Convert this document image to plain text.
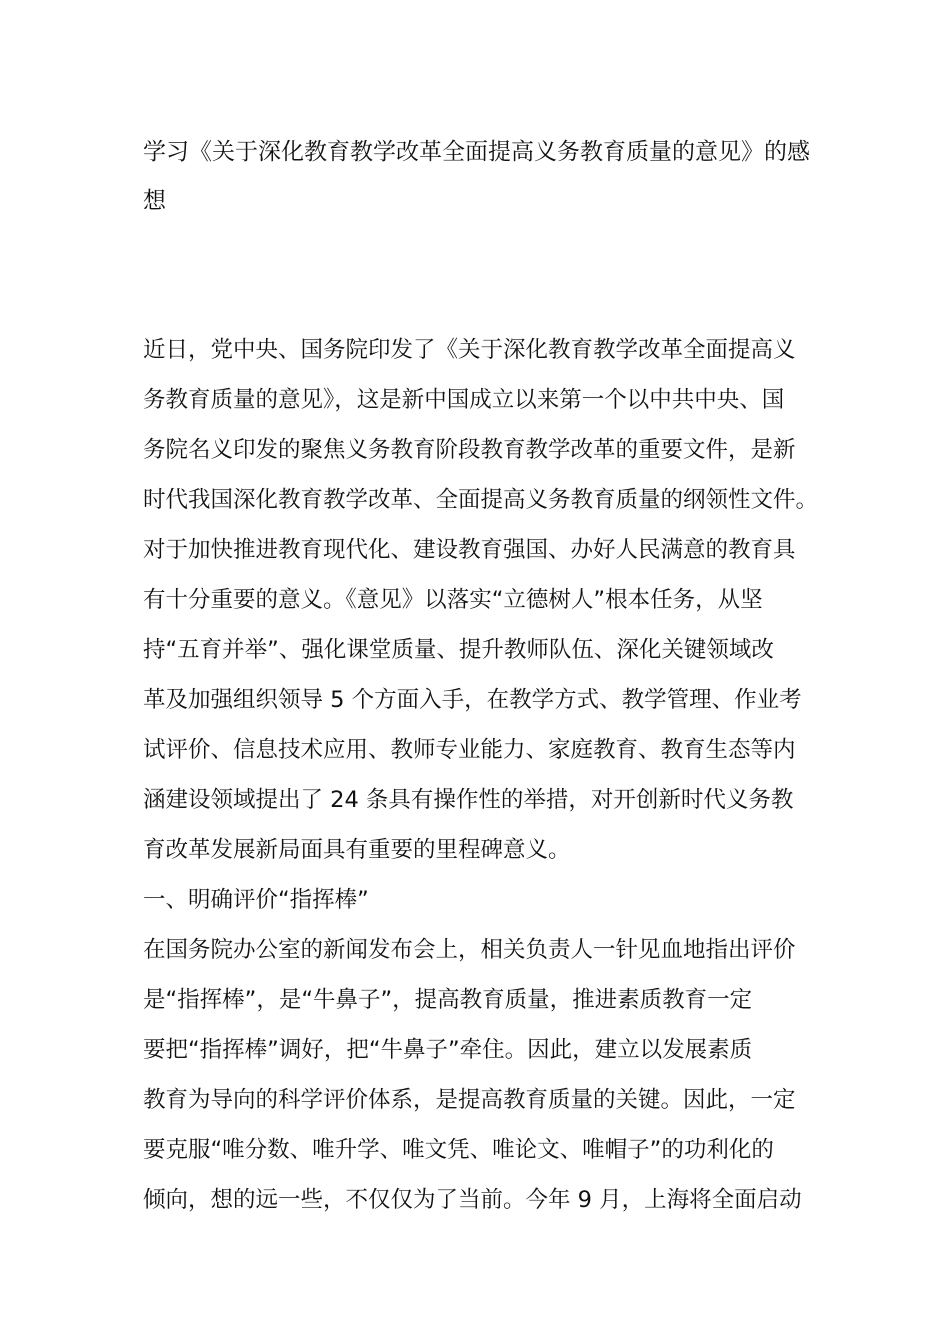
学习《关于深化教育教学改革全面提高义务教育质量的意见》的感
想
近日，党中央、国务院印发了《关于深化教育教学改革全面提高义
务教育质量的意见》，这是新中国成立以来第一个以中共中央、国
务院名义印发的聚焦义务教育阶段教育教学改革的重要文件，是新
时代我国深化教育教学改革、全面提高义务教育质量的纲领性文件。
对于加快推进教育现代化、建设教育强国、办好人民满意的教育具
有十分重要的意义。《意见》以落实“立德树人”根本任务，从坚
持“五育并举”、强化课堂质量、提升教师队伍、深化关键领域改
革及加强组织领导 5 个方面入手，在教学方式、教学管理、作业考
试评价、信息技术应用、教师专业能力、家庭教育、教育生态等内
涵建设领域提出了 24 条具有操作性的举措，对开创新时代义务教
育改革发展新局面具有重要的里程碑意义。
一、明确评价“指挥棒”
在国务院办公室的新闻发布会上，相关负责人一针见血地指出评价
是“指挥棒”，是“牛鼻子”，提高教育质量，推进素质教育一定
要把“指挥棒”调好，把“牛鼻子”牵住。因此，建立以发展素质
教育为导向的科学评价体系，是提高教育质量的关键。因此，一定
要克服“唯分数、唯升学、唯文凭、唯论文、唯帽子”的功利化的
倾向，想的远一些，不仅仅为了当前。今年 9 月，上海将全面启动
